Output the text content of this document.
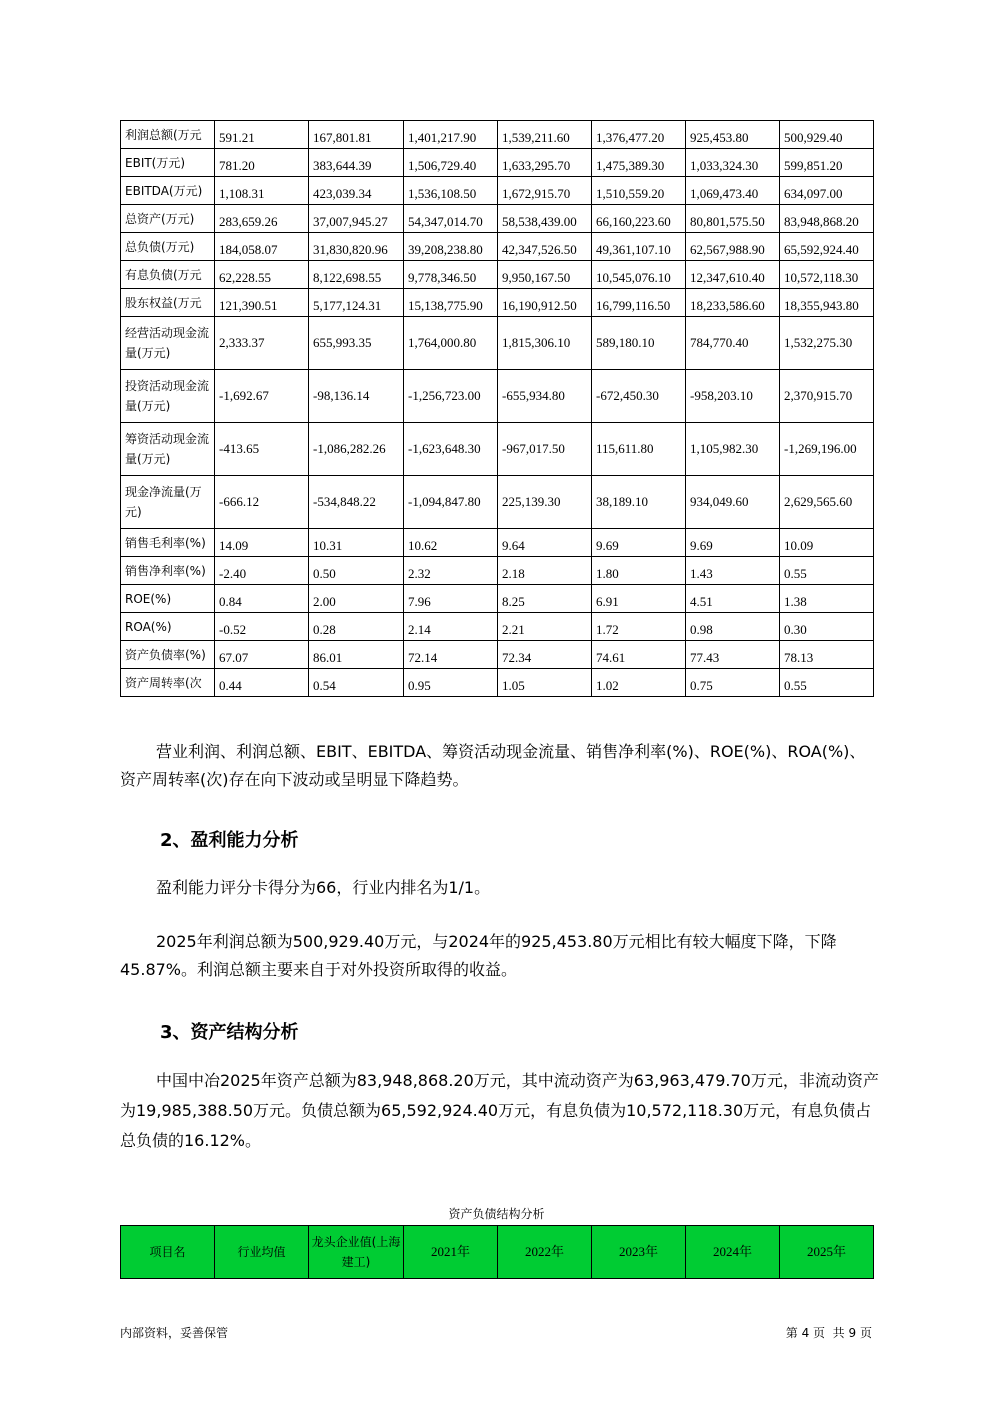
利润总额(万元	591.21	167,801.81	1,401,217.90	1,539,211.60	1,376,477.20	925,453.80	500,929.40
EBIT(万元)	781.20	383,644.39	1,506,729.40	1,633,295.70	1,475,389.30	1,033,324.30	599,851.20
EBITDA(万元)	1,108.31	423,039.34	1,536,108.50	1,672,915.70	1,510,559.20	1,069,473.40	634,097.00
总资产(万元)	283,659.26	37,007,945.27	54,347,014.70	58,538,439.00	66,160,223.60	80,801,575.50	83,948,868.20
总负债(万元)	184,058.07	31,830,820.96	39,208,238.80	42,347,526.50	49,361,107.10	62,567,988.90	65,592,924.40
有息负债(万元	62,228.55	8,122,698.55	9,778,346.50	9,950,167.50	10,545,076.10	12,347,610.40	10,572,118.30
股东权益(万元	121,390.51	5,177,124.31	15,138,775.90	16,190,912.50	16,799,116.50	18,233,586.60	18,355,943.80
经营活动现金流量(万元)	2,333.37	655,993.35	1,764,000.80	1,815,306.10	589,180.10	784,770.40	1,532,275.30
投资活动现金流量(万元)	-1,692.67	-98,136.14	-1,256,723.00	-655,934.80	-672,450.30	-958,203.10	2,370,915.70
筹资活动现金流量(万元)	-413.65	-1,086,282.26	-1,623,648.30	-967,017.50	115,611.80	1,105,982.30	-1,269,196.00
现金净流量(万元)	-666.12	-534,848.22	-1,094,847.80	225,139.30	38,189.10	934,049.60	2,629,565.60
销售毛利率(%)	14.09	10.31	10.62	9.64	9.69	9.69	10.09
销售净利率(%)	-2.40	0.50	2.32	2.18	1.80	1.43	0.55
ROE(%)	0.84	2.00	7.96	8.25	6.91	4.51	1.38
ROA(%)	-0.52	0.28	2.14	2.21	1.72	0.98	0.30
资产负债率(%)	67.07	86.01	72.14	72.34	74.61	77.43	78.13
资产周转率(次	0.44	0.54	0.95	1.05	1.02	0.75	0.55
营业利润、利润总额、EBIT、EBITDA、筹资活动现金流量、销售净利率(%)、ROE(%)、ROA(%)、资产周转率(次)存在向下波动或呈明显下降趋势。
2、盈利能力分析
盈利能力评分卡得分为66，行业内排名为1/1。
2025年利润总额为500,929.40万元，与2024年的925,453.80万元相比有较大幅度下降，下降45.87%。利润总额主要来自于对外投资所取得的收益。
3、资产结构分析
中国中冶2025年资产总额为83,948,868.20万元，其中流动资产为63,963,479.70万元，非流动资产为19,985,388.50万元。负债总额为65,592,924.40万元，有息负债为10,572,118.30万元，有息负债占总负债的16.12%。
资产负债结构分析
项目名	行业均值	龙头企业值(上海建工)	2021年	2022年	2023年	2024年	2025年
内部资料，妥善保管	第 4 页  共 9 页
